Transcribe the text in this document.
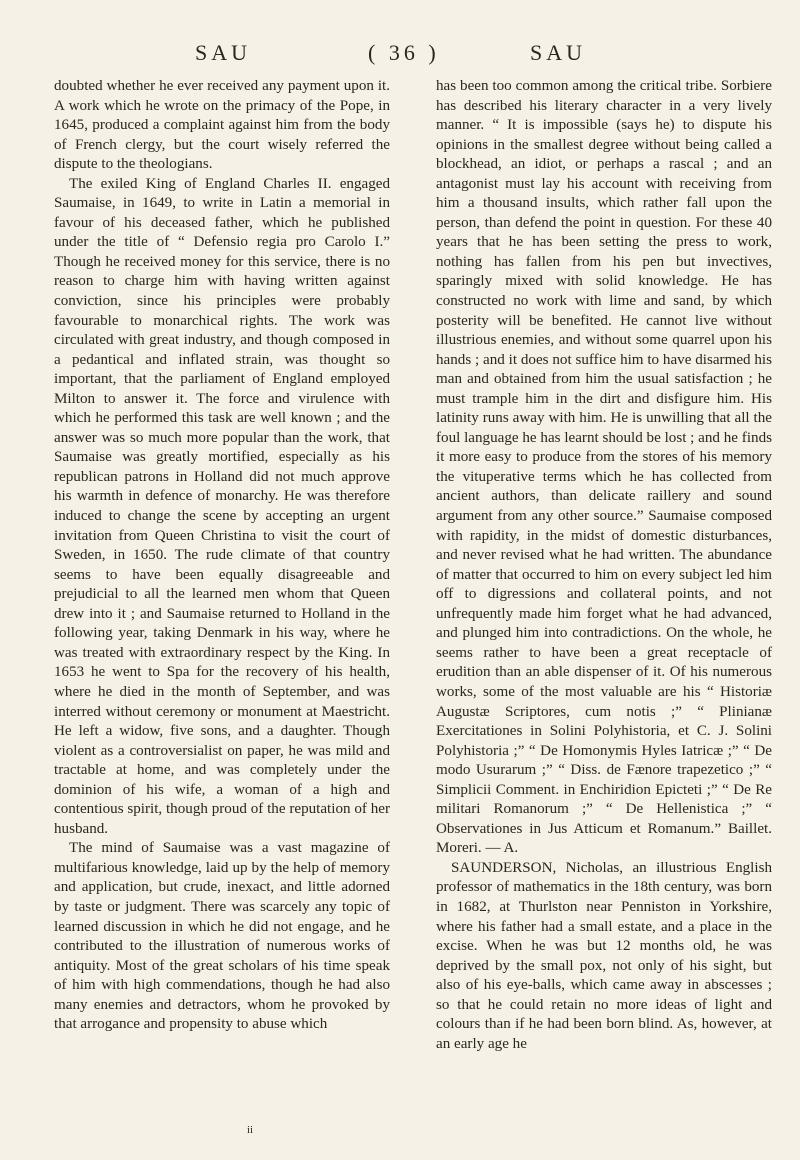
SAU	( 36 )	SAU

doubted whether he ever received any payment upon it. A work which he wrote on the primacy of the Pope, in 1645, produced a complaint against him from the body of French clergy, but the court wisely referred the dispute to the theologians.

The exiled King of England Charles II. engaged Saumaise, in 1649, to write in Latin a memorial in favour of his deceased father, which he published under the title of “ Defensio regia pro Carolo I.” Though he received money for this service, there is no reason to charge him with having written against conviction, since his principles were probably favourable to monarchical rights. The work was circulated with great industry, and though composed in a pedantical and inflated strain, was thought so important, that the parliament of England employed Milton to answer it. The force and virulence with which he performed this task are well known ; and the answer was so much more popular than the work, that Saumaise was greatly mortified, especially as his republican patrons in Holland did not much approve his warmth in defence of monarchy. He was therefore induced to change the scene by accepting an urgent invitation from Queen Christina to visit the court of Sweden, in 1650. The rude climate of that country seems to have been equally disagreeable and prejudicial to all the learned men whom that Queen drew into it ; and Saumaise returned to Holland in the following year, taking Denmark in his way, where he was treated with extraordinary respect by the King. In 1653 he went to Spa for the recovery of his health, where he died in the month of September, and was interred without ceremony or monument at Maestricht. He left a widow, five sons, and a daughter. Though violent as a controversialist on paper, he was mild and tractable at home, and was completely under the dominion of his wife, a woman of a high and contentious spirit, though proud of the reputation of her husband.

The mind of Saumaise was a vast magazine of multifarious knowledge, laid up by the help of memory and application, but crude, inexact, and little adorned by taste or judgment. There was scarcely any topic of learned discussion in which he did not engage, and he contributed to the illustration of numerous works of antiquity. Most of the great scholars of his time speak of him with high commendations, though he had also many enemies and detractors, whom he provoked by that arrogance and propensity to abuse which

has been too common among the critical tribe. Sorbiere has described his literary character in a very lively manner. “ It is impossible (says he) to dispute his opinions in the smallest degree without being called a blockhead, an idiot, or perhaps a rascal ; and an antagonist must lay his account with receiving from him a thousand insults, which rather fall upon the person, than defend the point in question. For these 40 years that he has been setting the press to work, nothing has fallen from his pen but invectives, sparingly mixed with solid knowledge. He has constructed no work with lime and sand, by which posterity will be benefited. He cannot live without illustrious enemies, and without some quarrel upon his hands ; and it does not suffice him to have disarmed his man and obtained from him the usual satisfaction ; he must trample him in the dirt and disfigure him. His latinity runs away with him. He is unwilling that all the foul language he has learnt should be lost ; and he finds it more easy to produce from the stores of his memory the vituperative terms which he has collected from ancient authors, than delicate raillery and sound argument from any other source.” Saumaise composed with rapidity, in the midst of domestic disturbances, and never revised what he had written. The abundance of matter that occurred to him on every subject led him off to digressions and collateral points, and not unfrequently made him forget what he had advanced, and plunged him into contradictions. On the whole, he seems rather to have been a great receptacle of erudition than an able dispenser of it. Of his numerous works, some of the most valuable are his “ Historiæ Augustæ Scriptores, cum notis ;” “ Plinianæ Exercitationes in Solini Polyhistoria, et C. J. Solini Polyhistoria ;” “ De Homonymis Hyles Iatricæ ;” “ De modo Usurarum ;” “ Diss. de Fænore trapezetico ;” “ Simplicii Comment. in Enchiridion Epicteti ;” “ De Re militari Romanorum ;” “ De Hellenistica ;” “ Observationes in Jus Atticum et Romanum.” Baillet. Moreri. — A.

SAUNDERSON, Nicholas, an illustrious English professor of mathematics in the 18th century, was born in 1682, at Thurlston near Penniston in Yorkshire, where his father had a small estate, and a place in the excise. When he was but 12 months old, he was deprived by the small pox, not only of his sight, but also of his eye-balls, which came away in abscesses ; so that he could retain no more ideas of light and colours than if he had been born blind. As, however, at an early age he

ii
